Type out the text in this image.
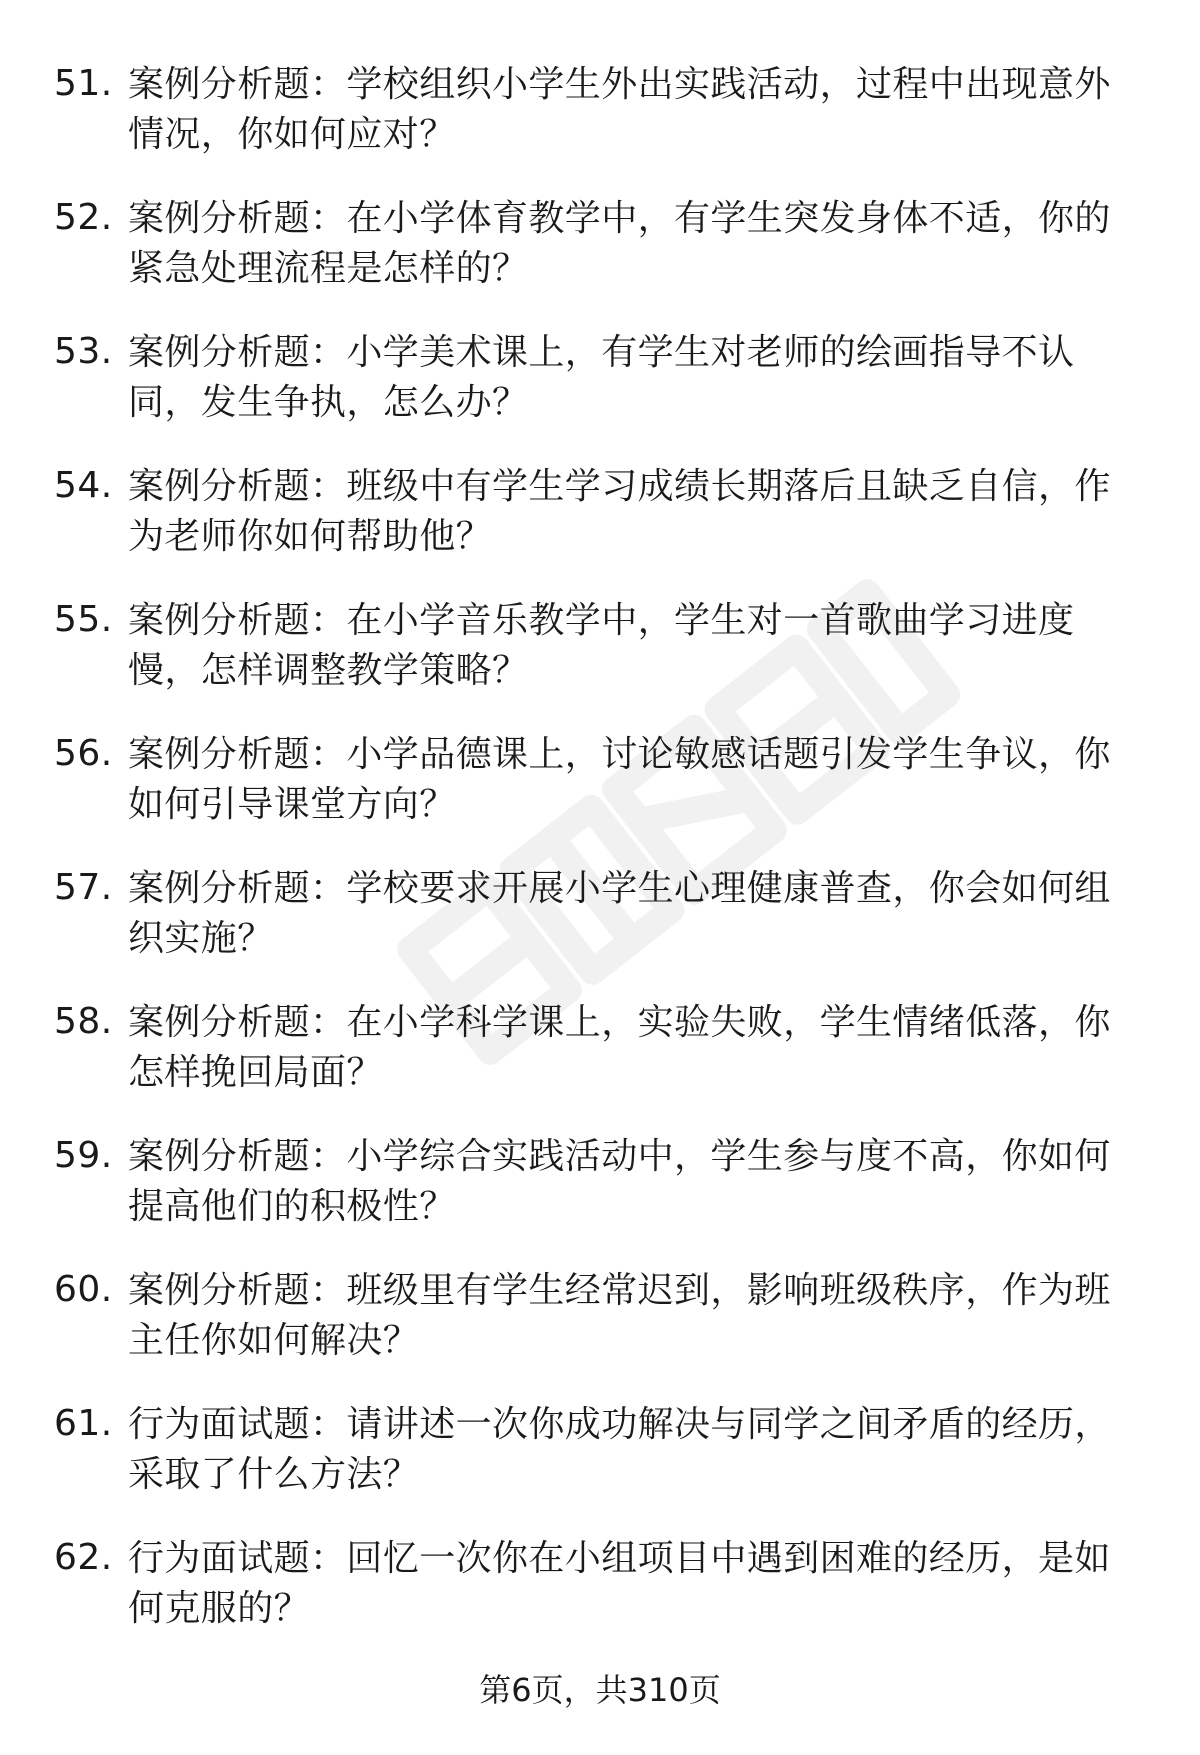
51. 案例分析题：学校组织小学生外出实践活动，过程中出现意外情况，你如何应对？
52. 案例分析题：在小学体育教学中，有学生突发身体不适，你的紧急处理流程是怎样的？
53. 案例分析题：小学美术课上，有学生对老师的绘画指导不认同，发生争执，怎么办？
54. 案例分析题：班级中有学生学习成绩长期落后且缺乏自信，作为老师你如何帮助他？
55. 案例分析题：在小学音乐教学中，学生对一首歌曲学习进度慢，怎样调整教学策略？
56. 案例分析题：小学品德课上，讨论敏感话题引发学生争议，你如何引导课堂方向？
57. 案例分析题：学校要求开展小学生心理健康普查，你会如何组织实施？
58. 案例分析题：在小学科学课上，实验失败，学生情绪低落，你怎样挽回局面？
59. 案例分析题：小学综合实践活动中，学生参与度不高，你如何提高他们的积极性？
60. 案例分析题：班级里有学生经常迟到，影响班级秩序，作为班主任你如何解决？
61. 行为面试题：请讲述一次你成功解决与同学之间矛盾的经历，采取了什么方法？
62. 行为面试题：回忆一次你在小组项目中遇到困难的经历，是如何克服的？
第6页，共310页
